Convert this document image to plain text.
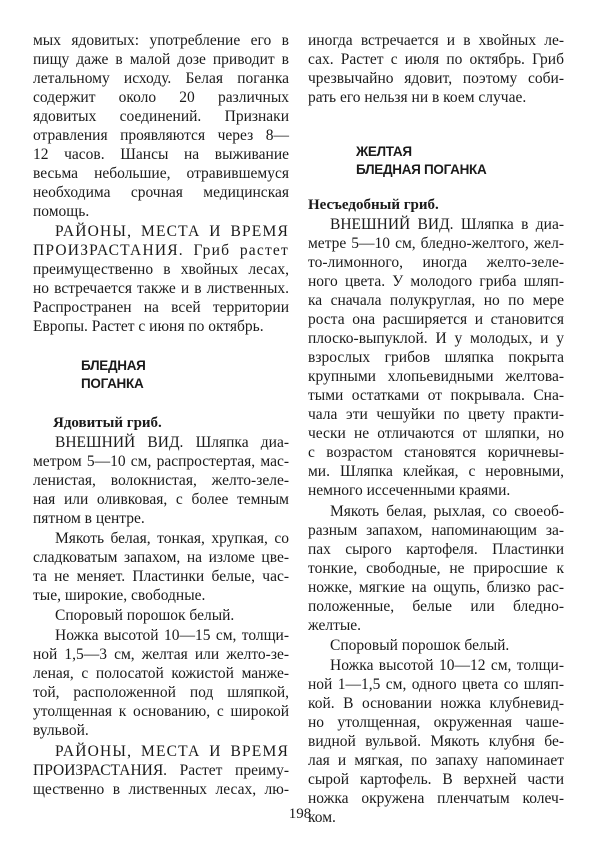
мых ядовитых: употребление его в
пищу даже в малой дозе приводит в
летальному исходу. Белая поганка
содержит около 20 различных
ядовитых соединений. Признаки
отравления проявляются через 8—
12 часов. Шансы на выживание
весьма небольшие, отравившемуся
необходима срочная медицинская
помощь.
РАЙОНЫ, МЕСТА И ВРЕМЯ
ПРОИЗРАСТАНИЯ. Гриб растет
преимущественно в хвойных лесах,
но встречается также и в лиственных.
Распространен на всей территории
Европы. Растет с июня по октябрь.
БЛЕДНАЯ
ПОГАНКА
Ядовитый гриб.
ВНЕШНИЙ ВИД. Шляпка диа-
метром 5—10 см, распростертая, мас-
ленистая, волокнистая, желто-зеле-
ная или оливковая, с более темным
пятном в центре.
Мякоть белая, тонкая, хрупкая, со
сладковатым запахом, на изломе цве-
та не меняет. Пластинки белые, час-
тые, широкие, свободные.
Споровый порошок белый.
Ножка высотой 10—15 см, толщи-
ной 1,5—3 см, желтая или желто-зе-
леная, с полосатой кожистой манже-
той, расположенной под шляпкой,
утолщенная к основанию, с широкой
вульвой.
РАЙОНЫ, МЕСТА И ВРЕМЯ
ПРОИЗРАСТАНИЯ. Растет преиму-
щественно в лиственных лесах, лю-
иногда встречается и в хвойных ле-
сах. Растет с июля по октябрь. Гриб
чрезвычайно ядовит, поэтому соби-
рать его нельзя ни в коем случае.
ЖЕЛТАЯ
БЛЕДНАЯ ПОГАНКА
Несъедобный гриб.
ВНЕШНИЙ ВИД. Шляпка в диа-
метре 5—10 см, бледно-желтого, жел-
то-лимонного, иногда желто-зеле-
ного цвета. У молодого гриба шляп-
ка сначала полукруглая, но по мере
роста она расширяется и становится
плоско-выпуклой. И у молодых, и у
взрослых грибов шляпка покрыта
крупными хлопьевидными желтова-
тыми остатками от покрывала. Сна-
чала эти чешуйки по цвету практи-
чески не отличаются от шляпки, но
с возрастом становятся коричневы-
ми. Шляпка клейкая, с неровными,
немного иссеченными краями.
Мякоть белая, рыхлая, со своеоб-
разным запахом, напоминающим за-
пах сырого картофеля. Пластинки
тонкие, свободные, не приросшие к
ножке, мягкие на ощупь, близко рас-
положенные, белые или бледно-
желтые.
Споровый порошок белый.
Ножка высотой 10—12 см, толщи-
ной 1—1,5 см, одного цвета со шляп-
кой. В основании ножка клубневид-
но утолщенная, окруженная чаше-
видной вульвой. Мякоть клубня бе-
лая и мягкая, по запаху напоминает
сырой картофель. В верхней части
ножка окружена пленчатым колеч-
ком.
198
